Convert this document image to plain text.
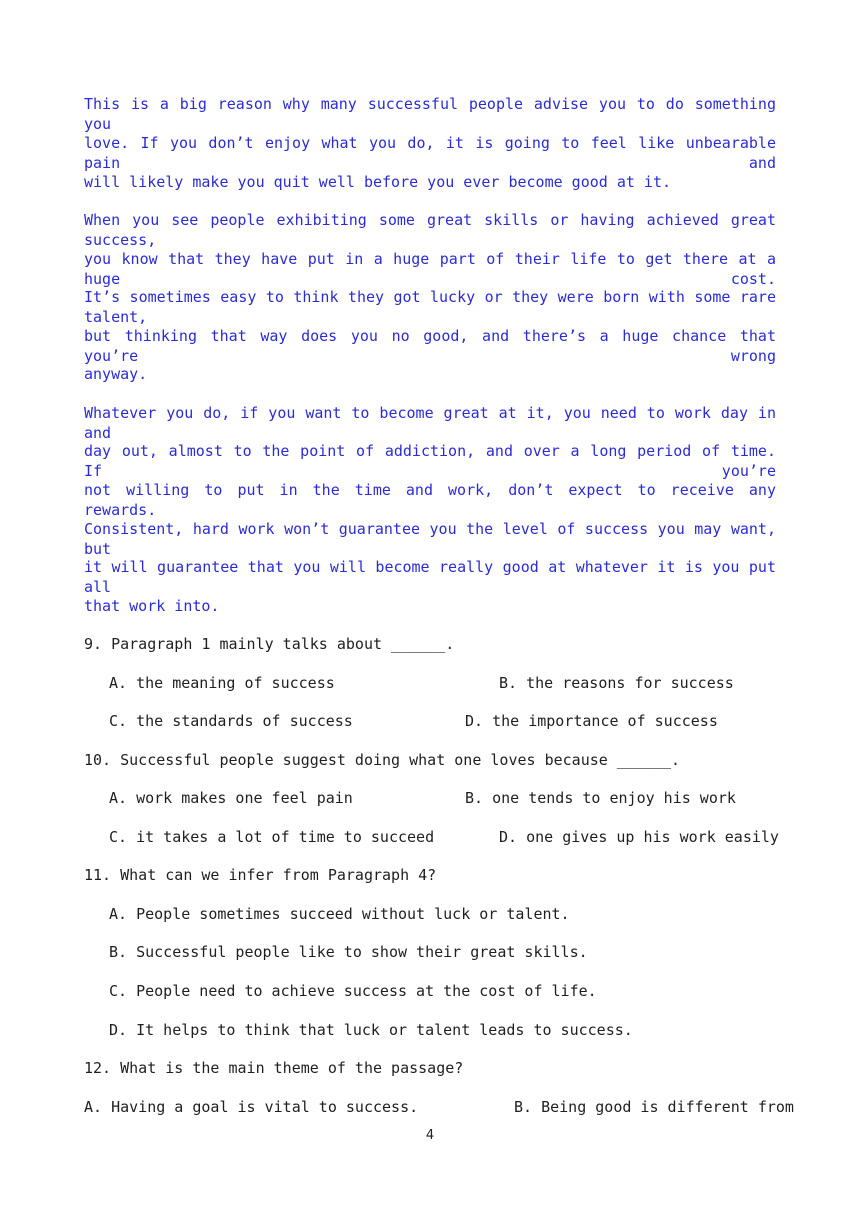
This is a big reason why many successful people advise you to do something you
love. If you don’t enjoy what you do, it is going to feel like unbearable pain and
will likely make you quit well before you ever become good at it.
When you see people exhibiting some great skills or having achieved great success,
you know that they have put in a huge part of their life to get there at a huge cost.
It’s sometimes easy to think they got lucky or they were born with some rare talent,
but thinking that way does you no good, and there’s a huge chance that you’re wrong
anyway.
Whatever you do, if you want to become great at it, you need to work day in and
day out, almost to the point of addiction, and over a long period of time. If you’re
not willing to put in the time and work, don’t expect to receive any rewards.
Consistent, hard work won’t guarantee you the level of success you may want, but
it will guarantee that you will become really good at whatever it is you put all
that work into.
9. Paragraph 1 mainly talks about ______.
A. the meaning of success	B. the reasons for success
C. the standards of success	D. the importance of success
10. Successful people suggest doing what one loves because ______.
A. work makes one feel pain	B. one tends to enjoy his work
C. it takes a lot of time to succeed	D. one gives up his work easily
11. What can we infer from Paragraph 4?
A. People sometimes succeed without luck or talent.
B. Successful people like to show their great skills.
C. People need to achieve success at the cost of life.
D. It helps to think that luck or talent leads to success.
12. What is the main theme of the passage?
A. Having a goal is vital to success.	B. Being good is different from
4
